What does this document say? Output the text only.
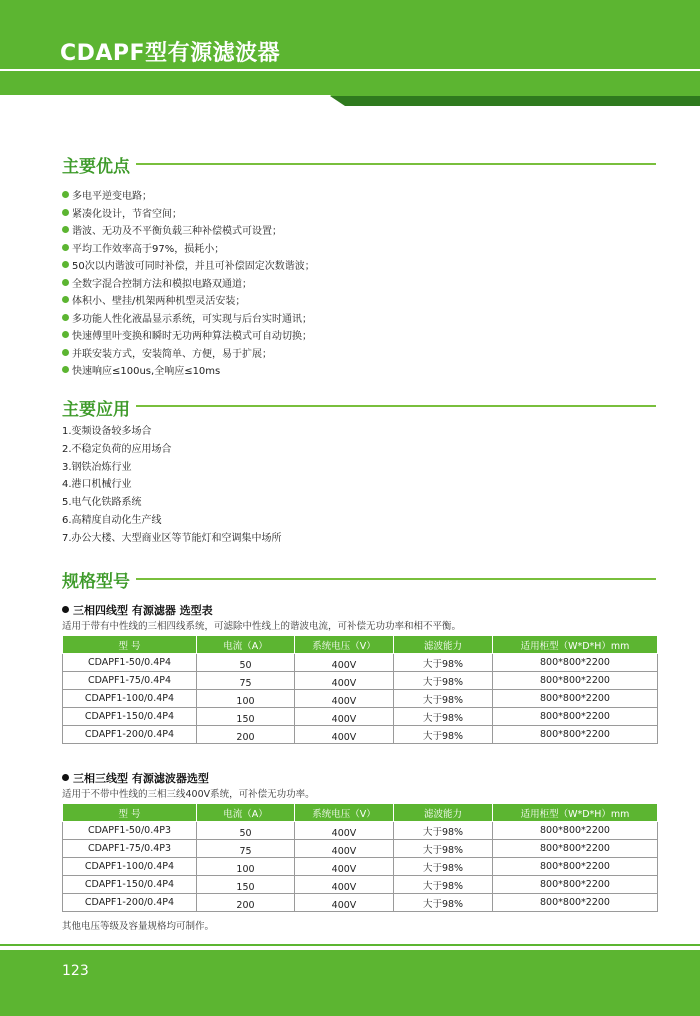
CDAPF型有源滤波器
主要优点
多电平逆变电路；
紧凑化设计，节省空间；
谐波、无功及不平衡负载三种补偿模式可设置；
平均工作效率高于97%，损耗小；
50次以内谐波可同时补偿，并且可补偿固定次数谐波；
全数字混合控制方法和模拟电路双通道；
体积小、壁挂/机架两种机型灵活安装；
多功能人性化液晶显示系统，可实现与后台实时通讯；
快速傅里叶变换和瞬时无功两种算法模式可自动切换；
并联安装方式，安装简单、方便，易于扩展；
快速响应≤100us,全响应≤10ms
主要应用
1.变频设备较多场合
2.不稳定负荷的应用场合
3.钢铁冶炼行业
4.港口机械行业
5.电气化铁路系统
6.高精度自动化生产线
7.办公大楼、大型商业区等节能灯和空调集中场所
规格型号
三相四线型 有源滤器 选型表
适用于带有中性线的三相四线系统，可滤除中性线上的谐波电流，可补偿无功功率和相不平衡。
型 号	电流（A）	系统电压（V）	滤波能力	适用柜型（W*D*H）mm
CDAPF1-50/0.4P4	50	400V	大于98%	800*800*2200
CDAPF1-75/0.4P4	75	400V	大于98%	800*800*2200
CDAPF1-100/0.4P4	100	400V	大于98%	800*800*2200
CDAPF1-150/0.4P4	150	400V	大于98%	800*800*2200
CDAPF1-200/0.4P4	200	400V	大于98%	800*800*2200
三相三线型 有源滤波器选型
适用于不带中性线的三相三线400V系统，可补偿无功功率。
型 号	电流（A）	系统电压（V）	滤波能力	适用柜型（W*D*H）mm
CDAPF1-50/0.4P3	50	400V	大于98%	800*800*2200
CDAPF1-75/0.4P3	75	400V	大于98%	800*800*2200
CDAPF1-100/0.4P4	100	400V	大于98%	800*800*2200
CDAPF1-150/0.4P4	150	400V	大于98%	800*800*2200
CDAPF1-200/0.4P4	200	400V	大于98%	800*800*2200
其他电压等级及容量规格均可制作。
123
